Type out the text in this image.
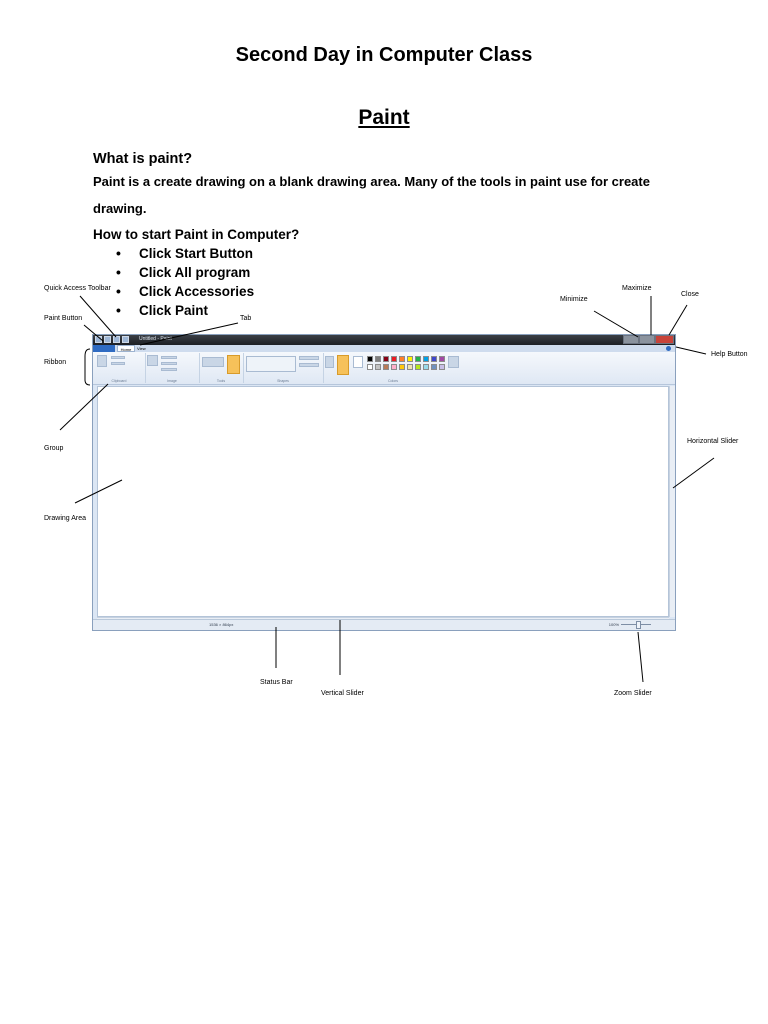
Second Day in Computer Class
Paint
What is paint?
Paint is a create drawing on a blank drawing area. Many of the tools in paint use for create drawing.
How to start Paint in Computer?
• Click Start Button
• Click All program
• Click Accessories
• Click Paint
Untitled - Paint
Home	View
Clipboard	Image	Tools	Shapes	Colors
1536 × 864px	100%
Quick Access Toolbar
Paint Button	Tab
Ribbon
Group
Drawing Area
Minimize
Maximize
Close
Help Button
Horizontal Slider
Status Bar
Vertical Slider	Zoom Slider
